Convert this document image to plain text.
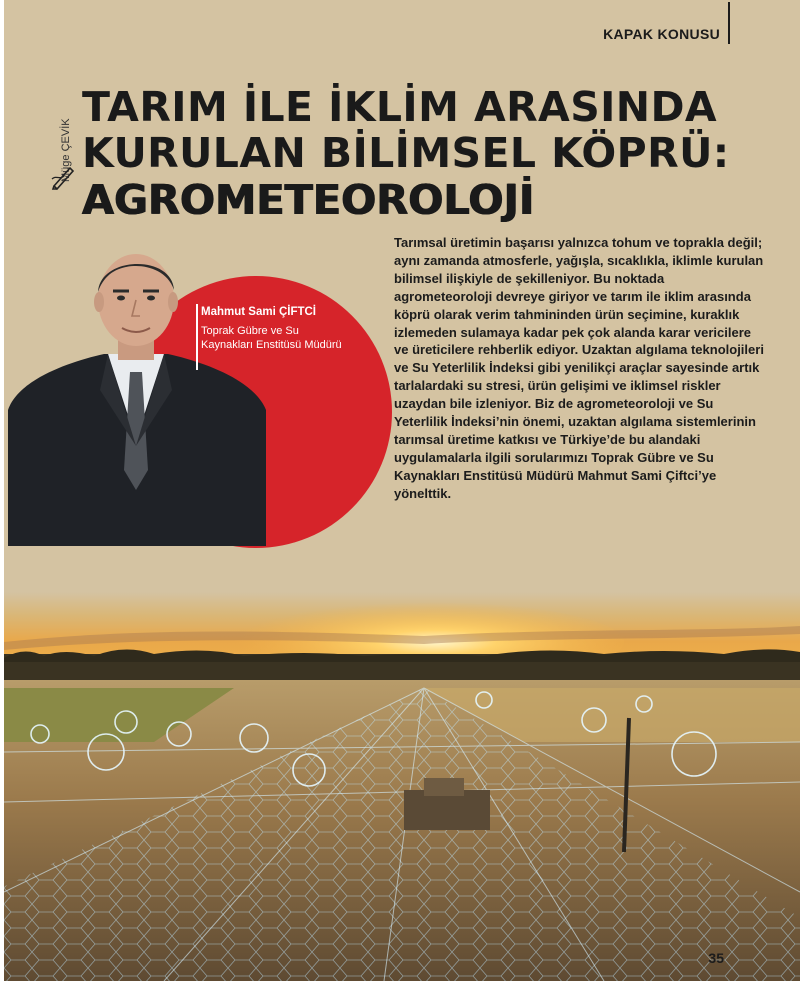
KAPAK KONUSU
Müge ÇEVİK
TARIM İLE İKLİM ARASINDA
KURULAN BİLİMSEL KÖPRÜ:
AGROMETEOROLOJİ
Mahmut Sami ÇİFTCİ
Toprak Gübre ve Su Kaynakları Enstitüsü Müdürü
Tarımsal üretimin başarısı yalnızca tohum ve toprakla değil; aynı zamanda atmosferle, yağışla, sıcaklıkla, iklimle kurulan bilimsel ilişkiyle de şekilleniyor. Bu noktada agrometeoroloji devreye giriyor ve tarım ile iklim arasında köprü olarak verim tahmininden ürün seçimine, kuraklık izlemeden sulamaya kadar pek çok alanda karar vericilere ve üreticilere rehberlik ediyor. Uzaktan algılama teknolojileri ve Su Yeterlilik İndeksi gibi yenilikçi araçlar sayesinde artık tarlalardaki su stresi, ürün gelişimi ve iklimsel riskler uzaydan bile izleniyor. Biz de agrometeoroloji ve Su Yeterlilik İndeksi’nin önemi, uzaktan algılama sistemlerinin tarımsal üretime katkısı ve Türkiye’de bu alandaki uygulamalarla ilgili sorularımızı Toprak Gübre ve Su Kaynakları Enstitüsü Müdürü Mahmut Sami Çiftci’ye yönelttik.
35
